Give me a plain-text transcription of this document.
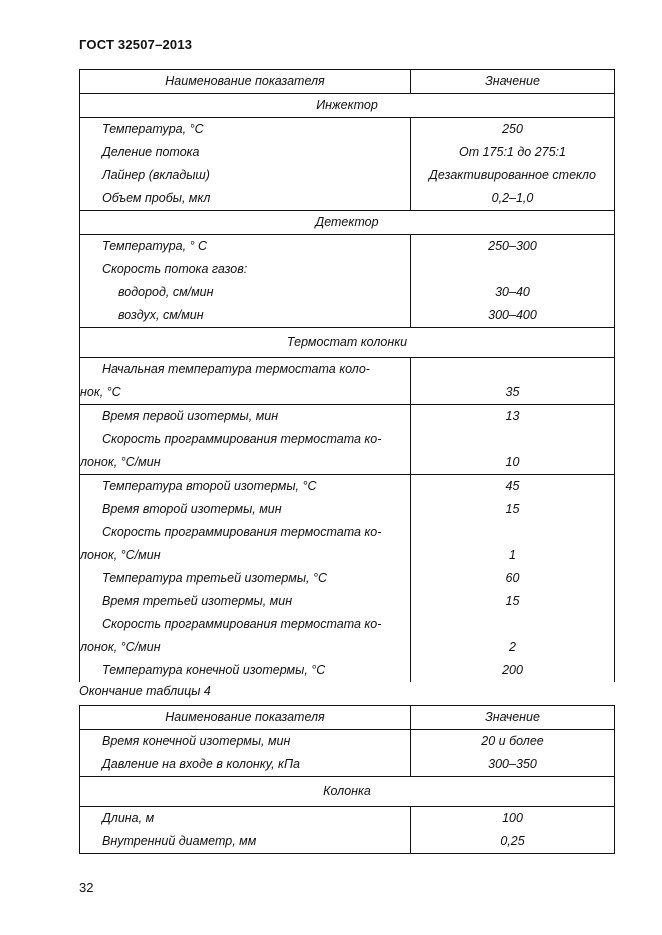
ГОСТ 32507–2013
Наименование показателя	Значение
Инжектор	
Температура, °С	250
Деление потока	От 175:1 до 275:1
Лайнер (вкладыш)	Дезактивированное стекло
Объем пробы, мкл	0,2–1,0
Детектор	
Температура, ° С	250–300
Скорость потока газов:	
водород, см/мин	30–40
воздух, см/мин	300–400
Термостат колонки	
Начальная температура термостата коло-	
нок, °С	35
Время первой изотермы, мин	13
Скорость программирования термостата ко-	
лонок, °С/мин	10
Температура второй изотермы, °С	45
Время второй изотермы, мин	15
Скорость программирования термостата ко-	
лонок, °С/мин	1
Температура третьей изотермы, °С	60
Время третьей изотермы, мин	15
Скорость программирования термостата ко-	
лонок, °С/мин	2
Температура конечной изотермы, °С	200
Окончание таблицы 4
Наименование показателя	Значение
Время конечной изотермы, мин	20 и более
Давление на входе в колонку, кПа	300–350
Колонка	
Длина, м	100
Внутренний диаметр, мм	0,25
32
